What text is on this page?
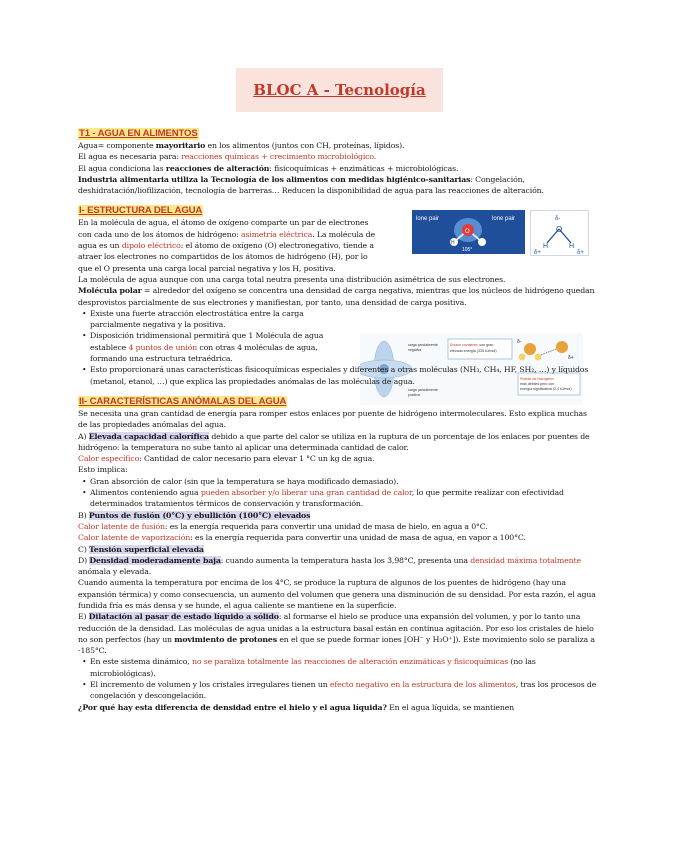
BLOC A - Tecnología
lone pair	lone pair
O
H
105°
O
H	H
δ-
δ+	δ+
carga parcialmente
negativa
carga parcialmente
positiva
Enlace covalente: con gran
elevada energía (335 kJ/mol)
Puente de hidrógeno:
más débiles pero con
energía significativa (2.4 kJ/mol)
δ-
δ+

T1 - AGUA EN ALIMENTOS

Agua= componente mayoritario en los alimentos (juntos con CH, proteínas, lípidos).

El agua es necesaria para: reacciones químicas + crecimiento microbiológico.

El agua condiciona las reacciones de alteración: fisicoquímicas + enzimáticas + microbiológicas.

Industria alimentaria utiliza la Tecnología de los alimentos con medidas higiénico-sanitarias: Congelación, deshidratación/liofilización, tecnología de barreras… Reducen la disponibilidad de agua para las reacciones de alteración.

I- ESTRUCTURA DEL AGUA

En la molécula de agua, el átomo de oxígeno comparte un par de electrones con cada uno de los átomos de hidrógeno: asimetría eléctrica. La molécula de agua es un dipolo eléctrico: el átomo de oxígeno (O) electronegativo, tiende a atraer los electrones no compartidos de los átomos de hidrógeno (H), por lo que el O presenta una carga local parcial negativa y los H, positiva.

La molécula de agua aunque con una carga total neutra presenta una distribución asimétrica de sus electrones.

Molécula polar = alrededor del oxígeno se concentra una densidad de carga negativa, mientras que los núcleos de hidrógeno quedan desprovistos parcialmente de sus electrones y manifiestan, por tanto, una densidad de carga positiva.

• Existe una fuerte atracción electrostática entre la carga parcialmente negativa y la positiva.
• Disposición tridimensional permitirá que 1 Molécula de agua establece 4 puntos de unión con otras 4 moléculas de agua, formando una estructura tetraédrica.
• Esto proporcionará unas características fisicoquímicas especiales y diferentes a otras moléculas (NH₃, CH₄, HF, SH₂, …) y líquidos (metanol, etanol, …) que explica las propiedades anómalas de las moléculas de agua.

II- CARACTERÍSTICAS ANÓMALAS DEL AGUA

Se necesita una gran cantidad de energía para romper estos enlaces por puente de hidrógeno intermoleculares. Esto explica muchas de las propiedades anómalas del agua.

A) Elevada capacidad calorífica debido a que parte del calor se utiliza en la ruptura de un porcentaje de los enlaces por puentes de hidrógeno: la temperatura no sube tanto al aplicar una determinada cantidad de calor.

Calor específico: Cantidad de calor necesario para elevar 1 °C un kg de agua.

Esto implica:

• Gran absorción de calor (sin que la temperatura se haya modificado demasiado).
• Alimentos conteniendo agua pueden absorber y/o liberar una gran cantidad de calor, lo que permite realizar con efectividad determinados tratamientos térmicos de conservación y transformación.

B) Puntos de fusión (0°C) y ebullición (100°C) elevados

Calor latente de fusión: es la energía requerida para convertir una unidad de masa de hielo, en agua a 0°C.

Calor latente de vaporización: es la energía requerida para convertir una unidad de masa de agua, en vapor a 100°C.

C) Tensión superficial elevada

D) Densidad moderadamente baja: cuando aumenta la temperatura hasta los 3,98°C, presenta una densidad máxima totalmente anómala y elevada.

Cuando aumenta la temperatura por encima de los 4°C, se produce la ruptura de algunos de los puentes de hidrógeno (hay una expansión térmica) y como consecuencia, un aumento del volumen que genera una disminución de su densidad. Por esta razón, el agua fundida fría es más densa y se hunde, el agua caliente se mantiene en la superficie.

E) Dilatación al pasar de estado líquido a sólido: al formarse el hielo se produce una expansión del volumen, y por lo tanto una reducción de la densidad. Las moléculas de agua unidas a la estructura basal están en continua agitación. Por eso los cristales de hielo no son perfectos (hay un movimiento de protones en el que se puede formar iones [OH⁻ y H₃O⁺]). Este movimiento solo se paraliza a -185°C.

• En este sistema dinámico, no se paraliza totalmente las reacciones de alteración enzimáticas y fisicoquímicas (no las microbiológicas).
• El incremento de volumen y los cristales irregulares tienen un efecto negativo en la estructura de los alimentos, tras los procesos de congelación y descongelación.

¿Por qué hay esta diferencia de densidad entre el hielo y el agua líquida? En el agua líquida, se mantienen
